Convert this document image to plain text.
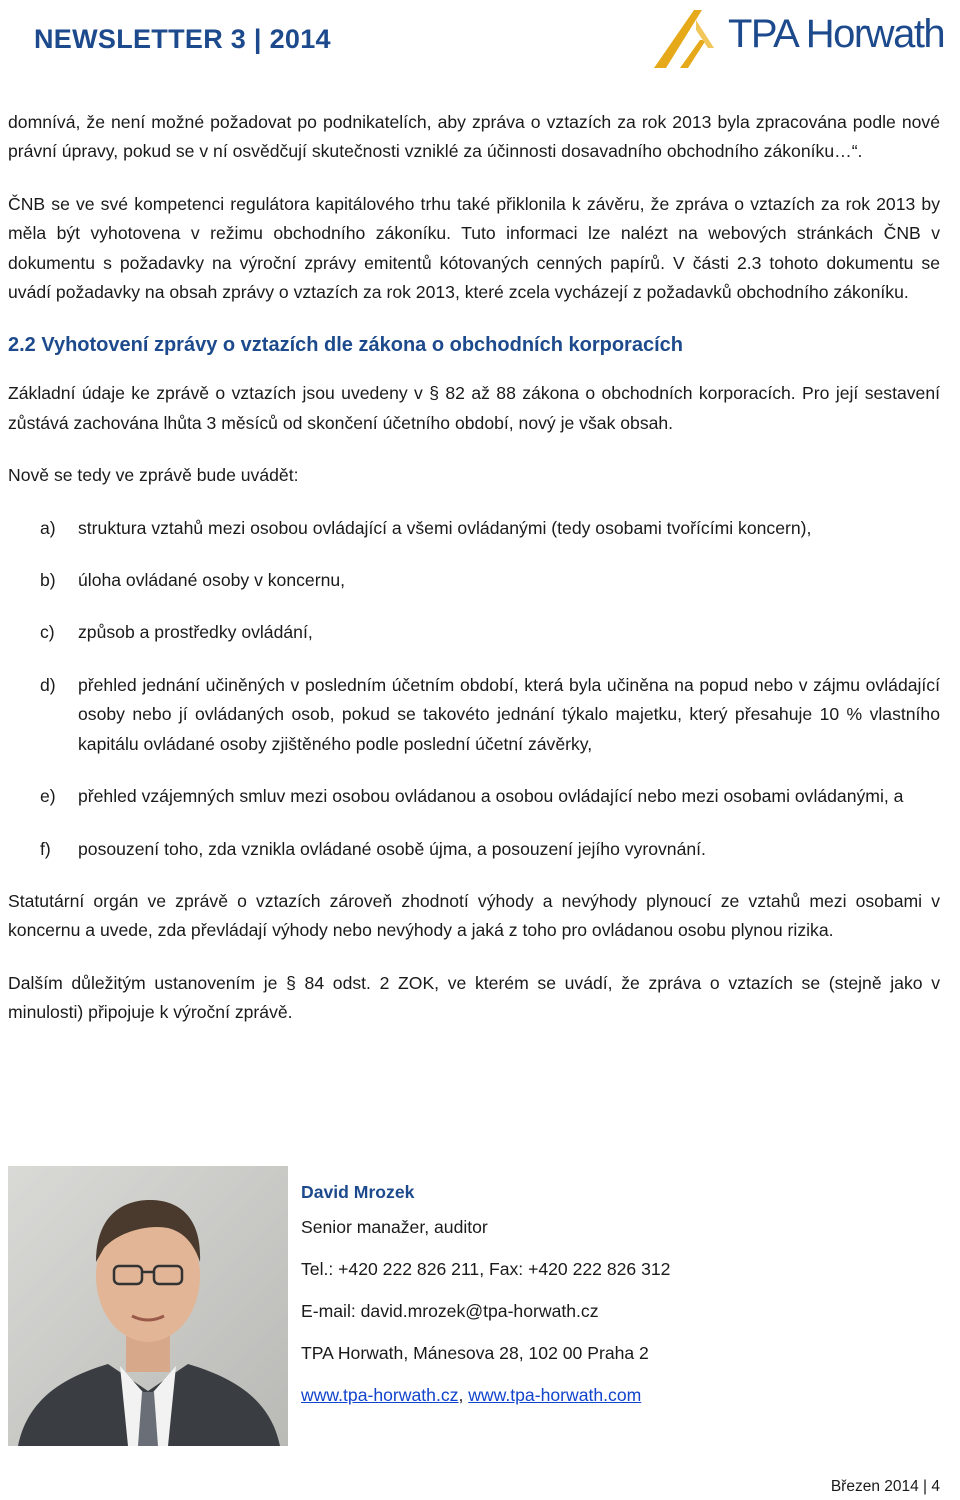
NEWSLETTER 3 | 2014	TPA Horwath

domnívá, že není možné požadovat po podnikatelích, aby zpráva o vztazích za rok 2013 byla zpracována podle nové právní úpravy, pokud se v ní osvědčují skutečnosti vzniklé za účinnosti dosavadního obchodního zákoníku…“.

ČNB se ve své kompetenci regulátora kapitálového trhu také přiklonila k závěru, že zpráva o vztazích za rok 2013 by měla být vyhotovena v režimu obchodního zákoníku. Tuto informaci lze nalézt na webových stránkách ČNB v dokumentu s požadavky na výroční zprávy emitentů kótovaných cenných papírů. V části 2.3 tohoto dokumentu se uvádí požadavky na obsah zprávy o vztazích za rok 2013, které zcela vycházejí z požadavků obchodního zákoníku.

2.2 Vyhotovení zprávy o vztazích dle zákona o obchodních korporacích

Základní údaje ke zprávě o vztazích jsou uvedeny v § 82 až 88 zákona o obchodních korporacích. Pro její sestavení zůstává zachována lhůta 3 měsíců od skončení účetního období, nový je však obsah.

Nově se tedy ve zprávě bude uvádět:

a) struktura vztahů mezi osobou ovládající a všemi ovládanými (tedy osobami tvořícími koncern),
b) úloha ovládané osoby v koncernu,
c) způsob a prostředky ovládání,
d) přehled jednání učiněných v posledním účetním období, která byla učiněna na popud nebo v zájmu ovládající osoby nebo jí ovládaných osob, pokud se takovéto jednání týkalo majetku, který přesahuje 10 % vlastního kapitálu ovládané osoby zjištěného podle poslední účetní závěrky,
e) přehled vzájemných smluv mezi osobou ovládanou a osobou ovládající nebo mezi osobami ovládanými, a
f) posouzení toho, zda vznikla ovládané osobě újma, a posouzení jejího vyrovnání.

Statutární orgán ve zprávě o vztazích zároveň zhodnotí výhody a nevýhody plynoucí ze vztahů mezi osobami v koncernu a uvede, zda převládají výhody nebo nevýhody a jaká z toho pro ovládanou osobu plynou rizika.

Dalším důležitým ustanovením je § 84 odst. 2 ZOK, ve kterém se uvádí, že zpráva o vztazích se (stejně jako v minulosti) připojuje k výroční zprávě.

David Mrozek
Senior manažer, auditor
Tel.: +420 222 826 211, Fax: +420 222 826 312
E-mail: david.mrozek@tpa-horwath.cz
TPA Horwath, Mánesova 28, 102 00 Praha 2
www.tpa-horwath.cz, www.tpa-horwath.com
Březen 2014 | 4
